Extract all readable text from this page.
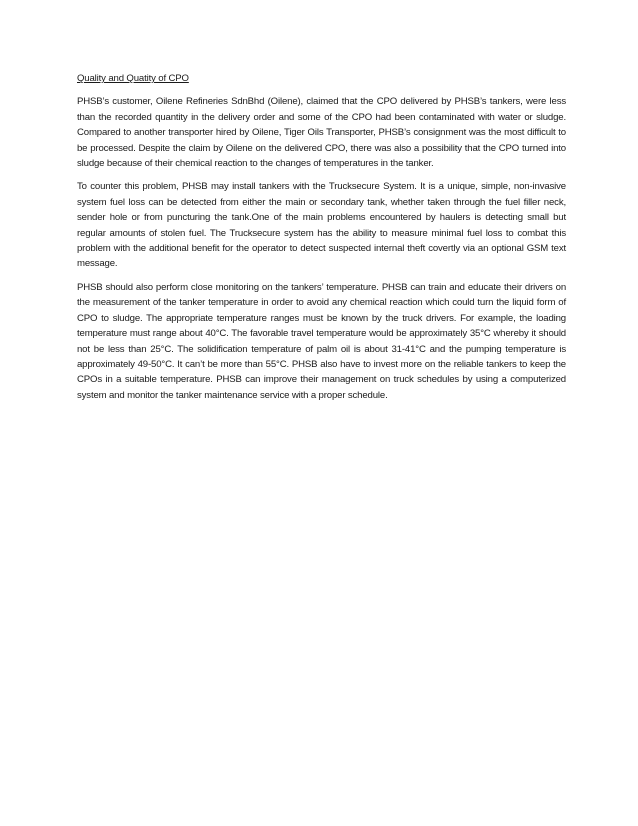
Quality and Quatity of CPO

PHSB’s customer, Oilene Refineries SdnBhd (Oilene), claimed that the CPO delivered by PHSB’s tankers, were less than the recorded quantity in the delivery order and some of the CPO had been contaminated with water or sludge. Compared to another transporter hired by Oilene, Tiger Oils Transporter, PHSB’s consignment was the most difficult to be processed. Despite the claim by Oilene on the delivered CPO, there was also a possibility that the CPO turned into sludge because of their chemical reaction to the changes of temperatures in the tanker.

To counter this problem, PHSB may install tankers with the Trucksecure System. It is a unique, simple, non-invasive system fuel loss can be detected from either the main or secondary tank, whether taken through the fuel filler neck, sender hole or from puncturing the tank.One of the main problems encountered by haulers is detecting small but regular amounts of stolen fuel. The Trucksecure system has the ability to measure minimal fuel loss to combat this problem with the additional benefit for the operator to detect suspected internal theft covertly via an optional GSM text message.

PHSB should also perform close monitoring on the tankers’ temperature. PHSB can train and educate their drivers on the measurement of the tanker temperature in order to avoid any chemical reaction which could turn the liquid form of CPO to sludge. The appropriate temperature ranges must be known by the truck drivers. For example, the loading temperature must range about 40°C. The favorable travel temperature would be approximately 35°C whereby it should not be less than 25°C. The solidification temperature of palm oil is about 31-41°C and the pumping temperature is approximately 49-50°C. It can’t be more than 55°C. PHSB also have to invest more on the reliable tankers to keep the CPOs in a suitable temperature. PHSB can improve their management on truck schedules by using a computerized system and monitor the tanker maintenance service with a proper schedule.
